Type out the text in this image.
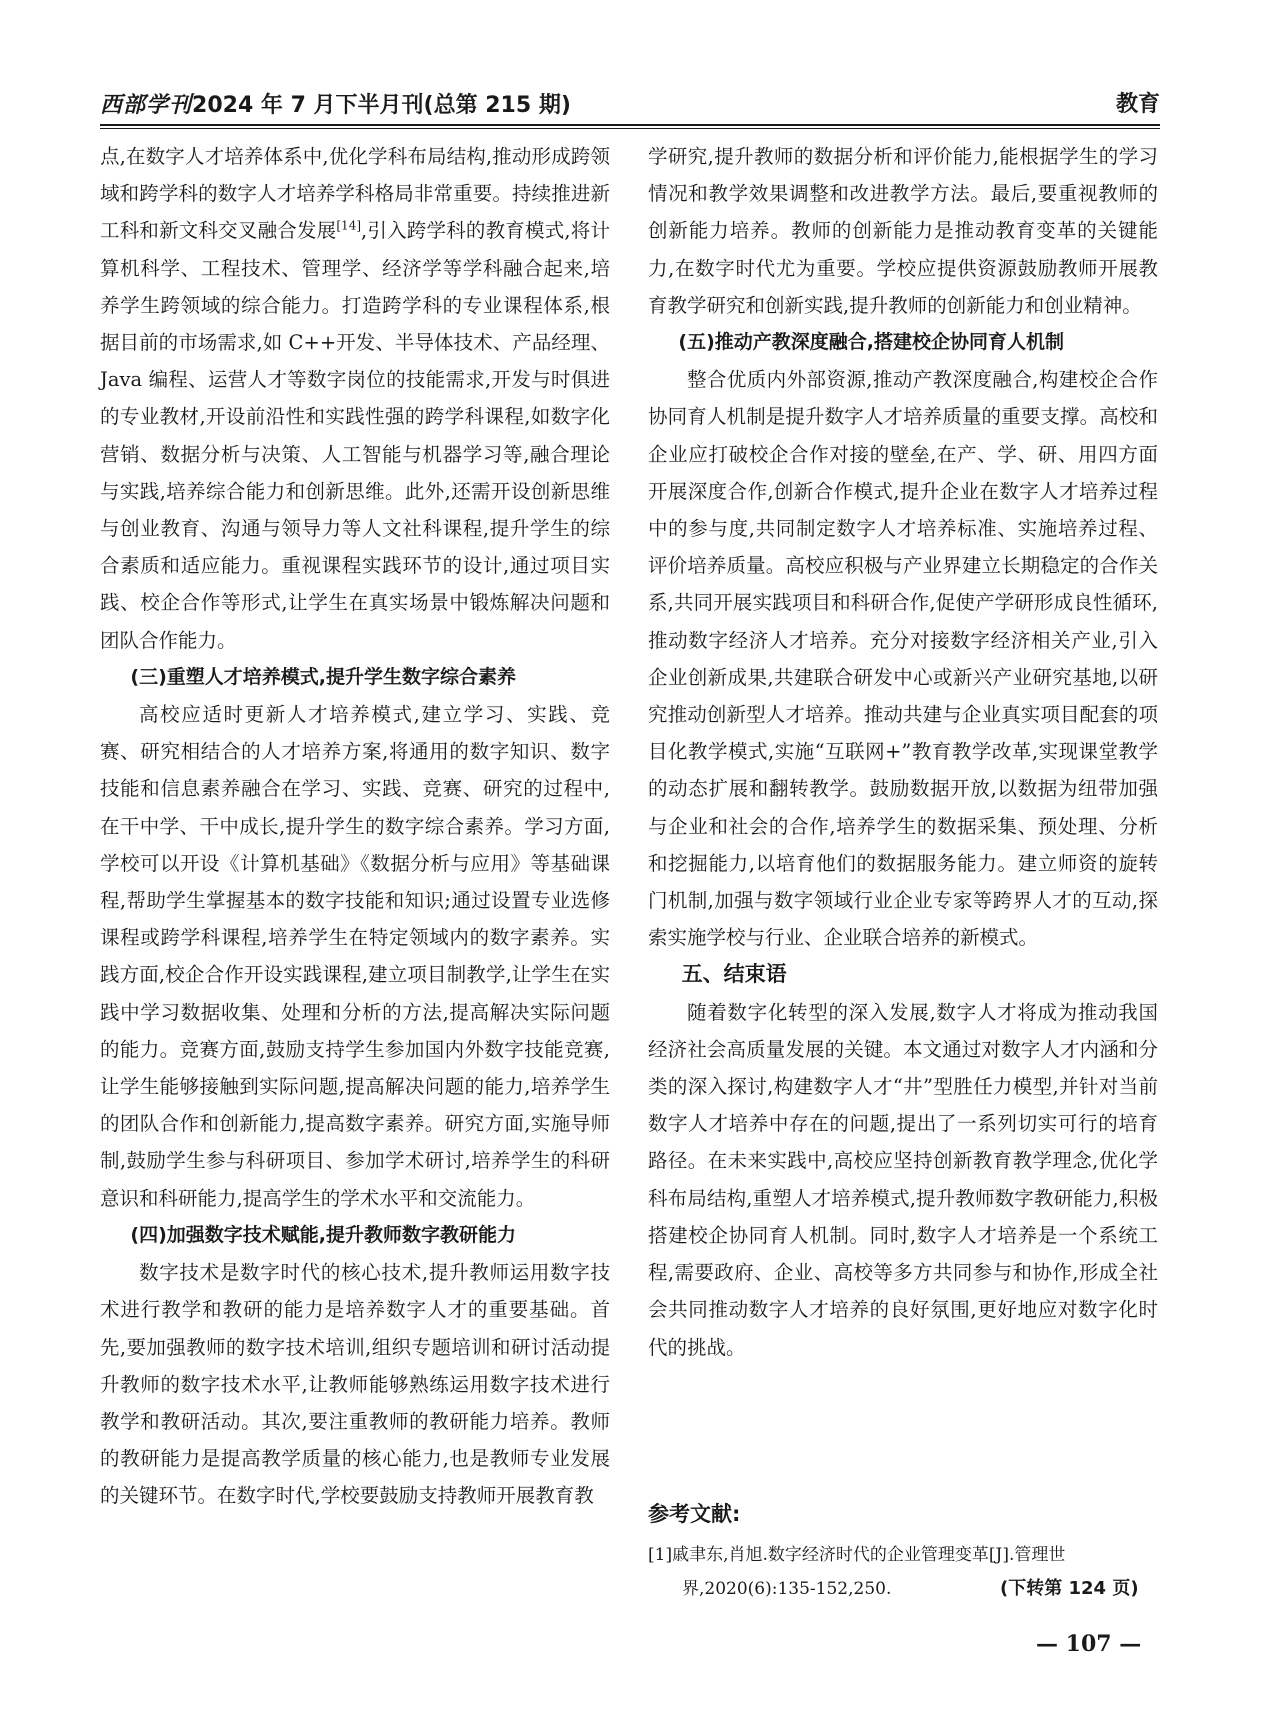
西部学刊2024 年 7 月下半月刊(总第 215 期)	教育

点,在数字人才培养体系中,优化学科布局结构,推动形成跨领域和跨学科的数字人才培养学科格局非常重要。持续推进新工科和新文科交叉融合发展[14],引入跨学科的教育模式,将计算机科学、工程技术、管理学、经济学等学科融合起来,培养学生跨领域的综合能力。打造跨学科的专业课程体系,根据目前的市场需求,如 C++开发、半导体技术、产品经理、Java 编程、运营人才等数字岗位的技能需求,开发与时俱进的专业教材,开设前沿性和实践性强的跨学科课程,如数字化营销、数据分析与决策、人工智能与机器学习等,融合理论与实践,培养综合能力和创新思维。此外,还需开设创新思维与创业教育、沟通与领导力等人文社科课程,提升学生的综合素质和适应能力。重视课程实践环节的设计,通过项目实践、校企合作等形式,让学生在真实场景中锻炼解决问题和团队合作能力。

(三)重塑人才培养模式,提升学生数字综合素养

高校应适时更新人才培养模式,建立学习、实践、竞赛、研究相结合的人才培养方案,将通用的数字知识、数字技能和信息素养融合在学习、实践、竞赛、研究的过程中,在干中学、干中成长,提升学生的数字综合素养。学习方面,学校可以开设《计算机基础》《数据分析与应用》等基础课程,帮助学生掌握基本的数字技能和知识;通过设置专业选修课程或跨学科课程,培养学生在特定领域内的数字素养。实践方面,校企合作开设实践课程,建立项目制教学,让学生在实践中学习数据收集、处理和分析的方法,提高解决实际问题的能力。竞赛方面,鼓励支持学生参加国内外数字技能竞赛,让学生能够接触到实际问题,提高解决问题的能力,培养学生的团队合作和创新能力,提高数字素养。研究方面,实施导师制,鼓励学生参与科研项目、参加学术研讨,培养学生的科研意识和科研能力,提高学生的学术水平和交流能力。

(四)加强数字技术赋能,提升教师数字教研能力

数字技术是数字时代的核心技术,提升教师运用数字技术进行教学和教研的能力是培养数字人才的重要基础。首先,要加强教师的数字技术培训,组织专题培训和研讨活动提升教师的数字技术水平,让教师能够熟练运用数字技术进行教学和教研活动。其次,要注重教师的教研能力培养。教师的教研能力是提高教学质量的核心能力,也是教师专业发展的关键环节。在数字时代,学校要鼓励支持教师开展教育教

学研究,提升教师的数据分析和评价能力,能根据学生的学习情况和教学效果调整和改进教学方法。最后,要重视教师的创新能力培养。教师的创新能力是推动教育变革的关键能力,在数字时代尤为重要。学校应提供资源鼓励教师开展教育教学研究和创新实践,提升教师的创新能力和创业精神。

(五)推动产教深度融合,搭建校企协同育人机制

整合优质内外部资源,推动产教深度融合,构建校企合作协同育人机制是提升数字人才培养质量的重要支撑。高校和企业应打破校企合作对接的壁垒,在产、学、研、用四方面开展深度合作,创新合作模式,提升企业在数字人才培养过程中的参与度,共同制定数字人才培养标准、实施培养过程、评价培养质量。高校应积极与产业界建立长期稳定的合作关系,共同开展实践项目和科研合作,促使产学研形成良性循环,推动数字经济人才培养。充分对接数字经济相关产业,引入企业创新成果,共建联合研发中心或新兴产业研究基地,以研究推动创新型人才培养。推动共建与企业真实项目配套的项目化教学模式,实施“互联网+”教育教学改革,实现课堂教学的动态扩展和翻转教学。鼓励数据开放,以数据为纽带加强与企业和社会的合作,培养学生的数据采集、预处理、分析和挖掘能力,以培育他们的数据服务能力。建立师资的旋转门机制,加强与数字领域行业企业专家等跨界人才的互动,探索实施学校与行业、企业联合培养的新模式。

五、结束语

随着数字化转型的深入发展,数字人才将成为推动我国经济社会高质量发展的关键。本文通过对数字人才内涵和分类的深入探讨,构建数字人才“井”型胜任力模型,并针对当前数字人才培养中存在的问题,提出了一系列切实可行的培育路径。在未来实践中,高校应坚持创新教育教学理念,优化学科布局结构,重塑人才培养模式,提升教师数字教研能力,积极搭建校企协同育人机制。同时,数字人才培养是一个系统工程,需要政府、企业、高校等多方共同参与和协作,形成全社会共同推动数字人才培养的良好氛围,更好地应对数字化时代的挑战。

参考文献:
[1]戚聿东,肖旭.数字经济时代的企业管理变革[J].管理世
界,2020(6):135-152,250.	(下转第 124 页)
— 107 —
